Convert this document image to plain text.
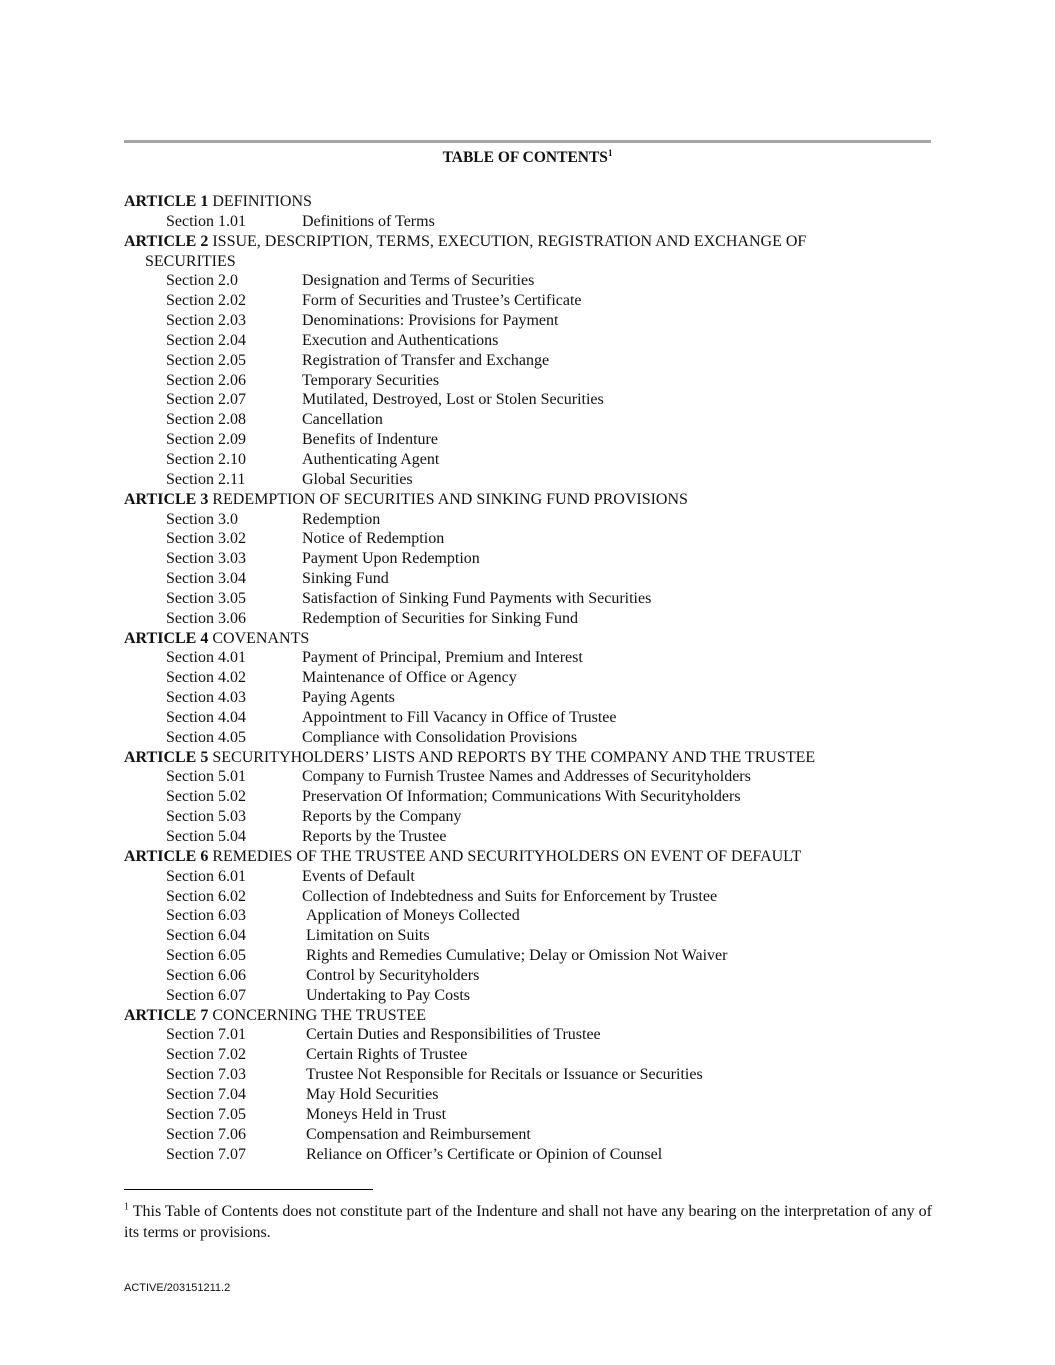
TABLE OF CONTENTS$^1$
ARTICLE 1 DEFINITIONS
Section 1.01	Definitions of Terms
ARTICLE 2 ISSUE, DESCRIPTION, TERMS, EXECUTION, REGISTRATION AND EXCHANGE OF
SECURITIES
Section 2.0	Designation and Terms of Securities
Section 2.02	Form of Securities and Trustee’s Certificate
Section 2.03	Denominations: Provisions for Payment
Section 2.04	Execution and Authentications
Section 2.05	Registration of Transfer and Exchange
Section 2.06	Temporary Securities
Section 2.07	Mutilated, Destroyed, Lost or Stolen Securities
Section 2.08	Cancellation
Section 2.09	Benefits of Indenture
Section 2.10	Authenticating Agent
Section 2.11	Global Securities
ARTICLE 3 REDEMPTION OF SECURITIES AND SINKING FUND PROVISIONS
Section 3.0	Redemption
Section 3.02	Notice of Redemption
Section 3.03	Payment Upon Redemption
Section 3.04	Sinking Fund
Section 3.05	Satisfaction of Sinking Fund Payments with Securities
Section 3.06	Redemption of Securities for Sinking Fund
ARTICLE 4 COVENANTS
Section 4.01	Payment of Principal, Premium and Interest
Section 4.02	Maintenance of Office or Agency
Section 4.03	Paying Agents
Section 4.04	Appointment to Fill Vacancy in Office of Trustee
Section 4.05	Compliance with Consolidation Provisions
ARTICLE 5 SECURITYHOLDERS’ LISTS AND REPORTS BY THE COMPANY AND THE TRUSTEE
Section 5.01	Company to Furnish Trustee Names and Addresses of Securityholders
Section 5.02	Preservation Of Information; Communications With Securityholders
Section 5.03	Reports by the Company
Section 5.04	Reports by the Trustee
ARTICLE 6 REMEDIES OF THE TRUSTEE AND SECURITYHOLDERS ON EVENT OF DEFAULT
Section 6.01	Events of Default
Section 6.02	Collection of Indebtedness and Suits for Enforcement by Trustee
Section 6.03	Application of Moneys Collected
Section 6.04	Limitation on Suits
Section 6.05	Rights and Remedies Cumulative; Delay or Omission Not Waiver
Section 6.06	Control by Securityholders
Section 6.07	Undertaking to Pay Costs
ARTICLE 7 CONCERNING THE TRUSTEE
Section 7.01	Certain Duties and Responsibilities of Trustee
Section 7.02	Certain Rights of Trustee
Section 7.03	Trustee Not Responsible for Recitals or Issuance or Securities
Section 7.04	May Hold Securities
Section 7.05	Moneys Held in Trust
Section 7.06	Compensation and Reimbursement
Section 7.07	Reliance on Officer’s Certificate or Opinion of Counsel
$^1$ This Table of Contents does not constitute part of the Indenture and shall not have any bearing on the interpretation of any of its terms or provisions.
ACTIVE/203151211.2
